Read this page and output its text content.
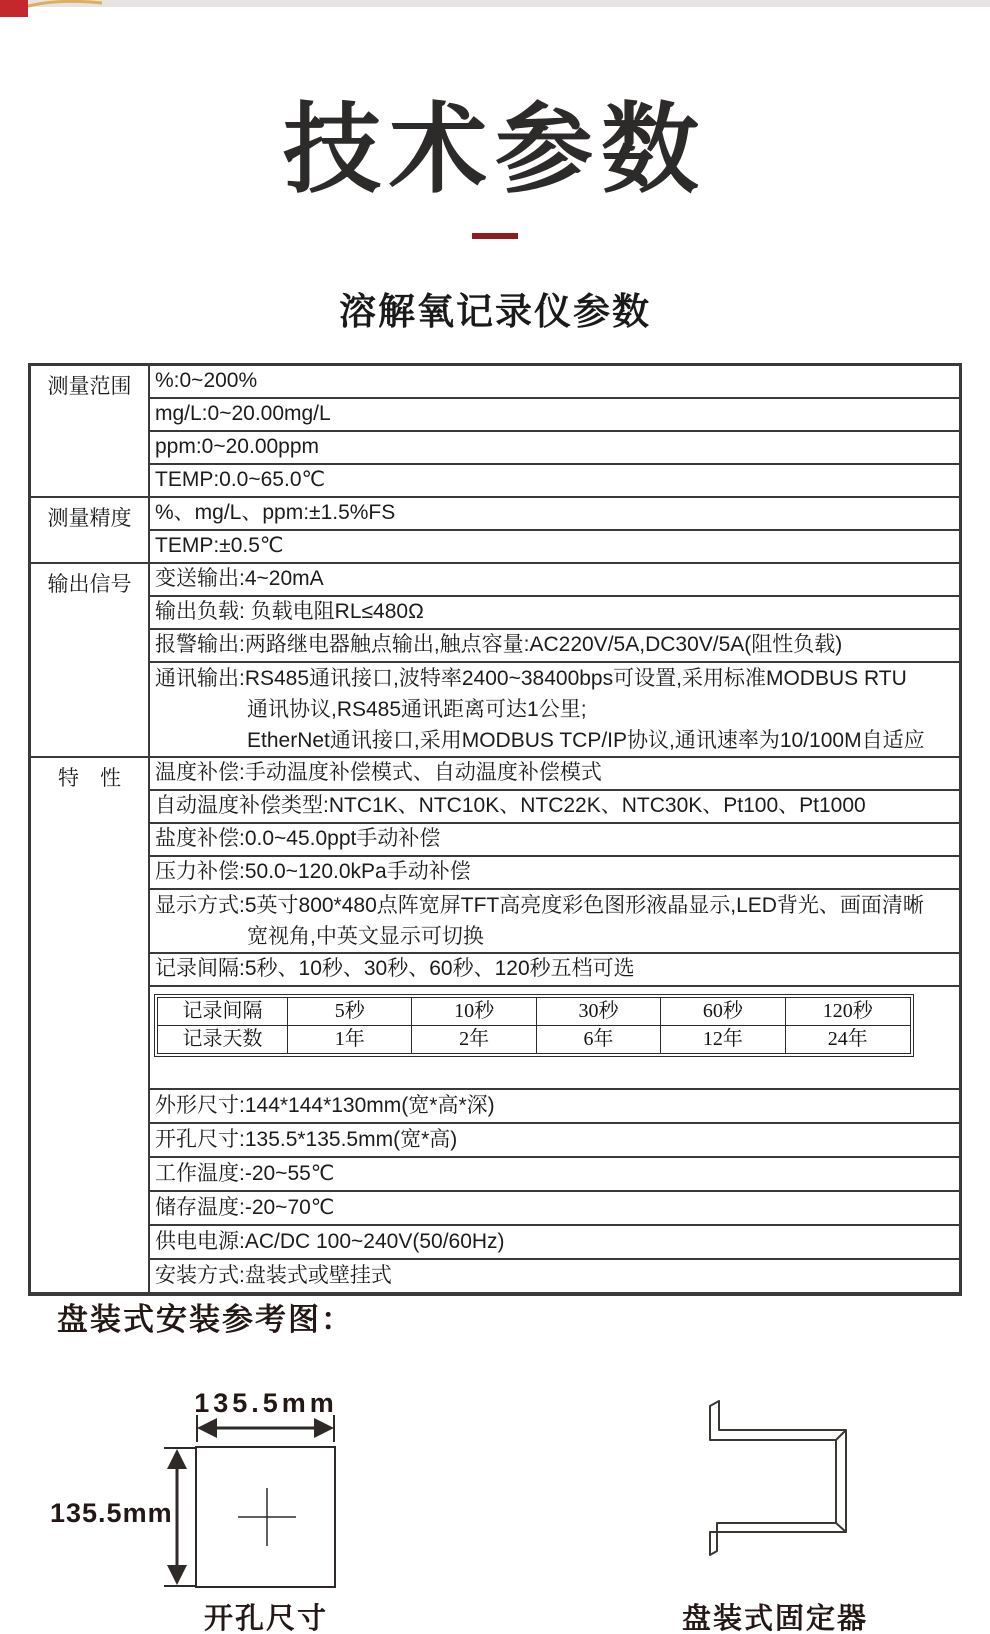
技术参数
溶解氧记录仪参数
测量范围	%:0~200%
mg/L:0~20.00mg/L
ppm:0~20.00ppm
TEMP:0.0~65.0℃
测量精度	%、mg/L、ppm:±1.5%FS
TEMP:±0.5℃
输出信号	变送输出:4~20mA
输出负载: 负载电阻RL≤480Ω
报警输出:两路继电器触点输出,触点容量:AC220V/5A,DC30V/5A(阻性负载)
通讯输出:RS485通讯接口,波特率2400~38400bps可设置,采用标准MODBUS RTU
通讯协议,RS485通讯距离可达1公里;
EtherNet通讯接口,采用MODBUS TCP/IP协议,通讯速率为10/100M自适应
特　性	温度补偿:手动温度补偿模式、自动温度补偿模式
自动温度补偿类型:NTC1K、NTC10K、NTC22K、NTC30K、Pt100、Pt1000
盐度补偿:0.0~45.0ppt手动补偿
压力补偿:50.0~120.0kPa手动补偿
显示方式:5英寸800*480点阵宽屏TFT高亮度彩色图形液晶显示,LED背光、画面清晰
宽视角,中英文显示可切换
记录间隔:5秒、10秒、30秒、60秒、120秒五档可选
记录间隔	5秒	10秒	30秒	60秒	120秒
记录天数	1年	2年	6年	12年	24年
外形尺寸:144*144*130mm(宽*高*深)
开孔尺寸:135.5*135.5mm(宽*高)
工作温度:-20~55℃
储存温度:-20~70℃
供电电源:AC/DC 100~240V(50/60Hz)
安装方式:盘装式或壁挂式
盘装式安装参考图：
135.5mm
135.5mm
开孔尺寸	盘装式固定器
